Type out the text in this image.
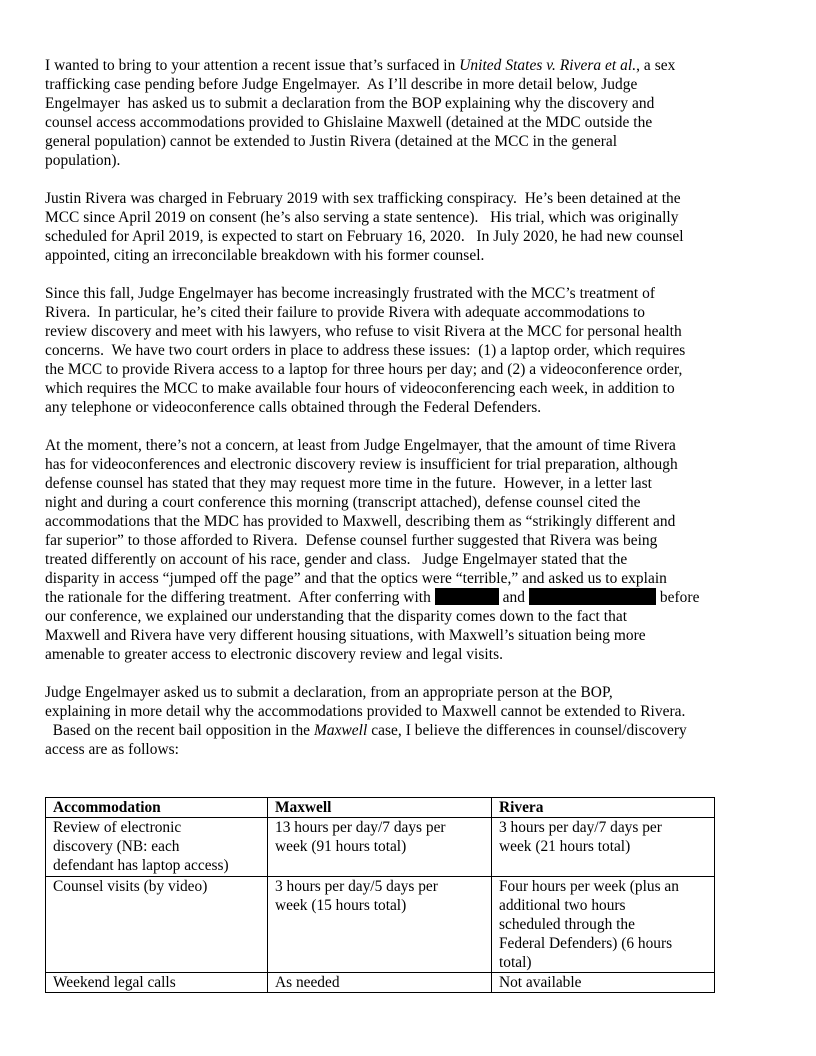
I wanted to bring to your attention a recent issue that’s surfaced in United States v. Rivera et al., a sex
trafficking case pending before Judge Engelmayer.  As I’ll describe in more detail below, Judge
Engelmayer  has asked us to submit a declaration from the BOP explaining why the discovery and
counsel access accommodations provided to Ghislaine Maxwell (detained at the MDC outside the
general population) cannot be extended to Justin Rivera (detained at the MCC in the general
population).
Justin Rivera was charged in February 2019 with sex trafficking conspiracy.  He’s been detained at the
MCC since April 2019 on consent (he’s also serving a state sentence).   His trial, which was originally
scheduled for April 2019, is expected to start on February 16, 2020.   In July 2020, he had new counsel
appointed, citing an irreconcilable breakdown with his former counsel.
Since this fall, Judge Engelmayer has become increasingly frustrated with the MCC’s treatment of
Rivera.  In particular, he’s cited their failure to provide Rivera with adequate accommodations to
review discovery and meet with his lawyers, who refuse to visit Rivera at the MCC for personal health
concerns.  We have two court orders in place to address these issues:  (1) a laptop order, which requires
the MCC to provide Rivera access to a laptop for three hours per day; and (2) a videoconference order,
which requires the MCC to make available four hours of videoconferencing each week, in addition to
any telephone or videoconference calls obtained through the Federal Defenders.
At the moment, there’s not a concern, at least from Judge Engelmayer, that the amount of time Rivera
has for videoconferences and electronic discovery review is insufficient for trial preparation, although
defense counsel has stated that they may request more time in the future.  However, in a letter last
night and during a court conference this morning (transcript attached), defense counsel cited the
accommodations that the MDC has provided to Maxwell, describing them as “strikingly different and
far superior” to those afforded to Rivera.  Defense counsel further suggested that Rivera was being
treated differently on account of his race, gender and class.   Judge Engelmayer stated that the
disparity in access “jumped off the page” and that the optics were “terrible,” and asked us to explain
the rationale for the differing treatment.  After conferring with	and	before
our conference, we explained our understanding that the disparity comes down to the fact that
Maxwell and Rivera have very different housing situations, with Maxwell’s situation being more
amenable to greater access to electronic discovery review and legal visits.
Judge Engelmayer asked us to submit a declaration, from an appropriate person at the BOP,
explaining in more detail why the accommodations provided to Maxwell cannot be extended to Rivera.
Based on the recent bail opposition in the Maxwell case, I believe the differences in counsel/discovery
access are as follows:
Accommodation	Maxwell	Rivera

Review of electronic
discovery (NB: each
defendant has laptop access)	13 hours per day/7 days per
week (91 hours total)	3 hours per day/7 days per
week (21 hours total)

Counsel visits (by video)	3 hours per day/5 days per
week (15 hours total)	Four hours per week (plus an
additional two hours
scheduled through the
Federal Defenders) (6 hours
total)

Weekend legal calls	As needed	Not available
